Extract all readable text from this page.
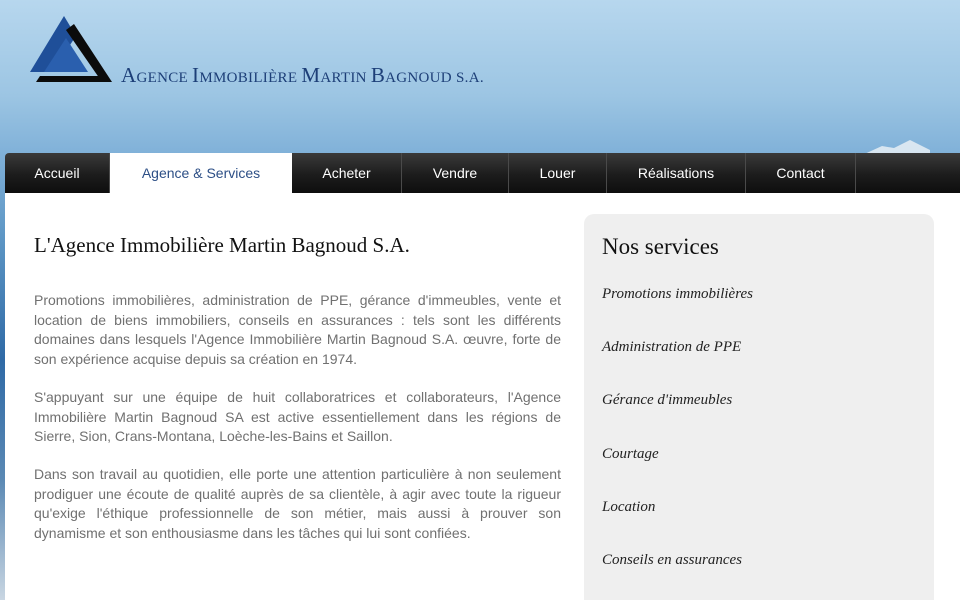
AGENCE IMMOBILIÈRE MARTIN BAGNOUD S.A.
Accueil	Agence & Services	Acheter	Vendre	Louer	Réalisations	Contact
L'Agence Immobilière Martin Bagnoud S.A.

Promotions immobilières, administration de PPE, gérance d'immeubles, vente et location de biens immobiliers, conseils en assurances : tels sont les différents domaines dans lesquels l'Agence Immobilière Martin Bagnoud S.A. œuvre, forte de son expérience acquise depuis sa création en 1974.

S'appuyant sur une équipe de huit collaboratrices et collaborateurs, l'Agence Immobilière Martin Bagnoud SA est active essentiellement dans les régions de Sierre, Sion, Crans-Montana, Loèche-les-Bains et Saillon.

Dans son travail au quotidien, elle porte une attention particulière à non seulement prodiguer une écoute de qualité auprès de sa clientèle, à agir avec toute la rigueur qu'exige l'éthique professionnelle de son métier, mais aussi à prouver son dynamisme et son enthousiasme dans les tâches qui lui sont confiées.

Nos services
Promotions immobilières
Administration de PPE
Gérance d'immeubles
Courtage
Location
Conseils en assurances
